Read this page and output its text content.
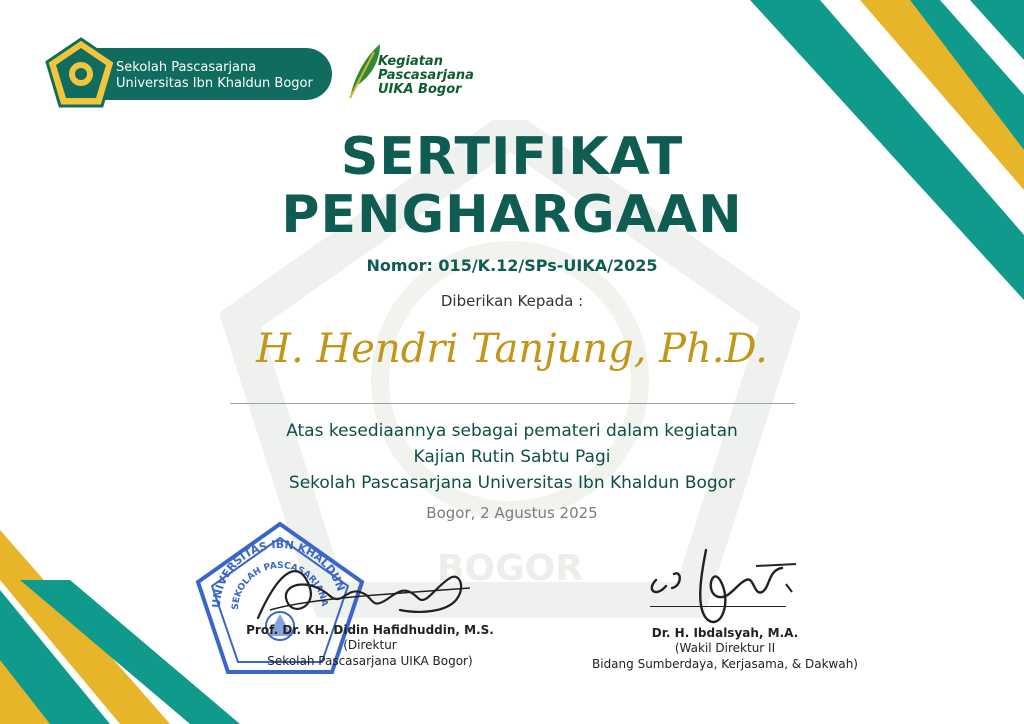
BOGOR
Sekolah Pascasarjana
Universitas Ibn Khaldun Bogor
Kegiatan
Pascasarjana
UIKA Bogor
SERTIFIKAT
PENGHARGAAN
Nomor: 015/K.12/SPs-UIKA/2025
Diberikan Kepada :
H. Hendri Tanjung, Ph.D.
Atas kesediaannya sebagai pemateri dalam kegiatan
Kajian Rutin Sabtu Pagi
Sekolah Pascasarjana Universitas Ibn Khaldun Bogor
Bogor, 2 Agustus 2025
UNIVERSITAS IBN KHALDUN
SEKOLAH PASCASARJANA
Prof. Dr. KH. Didin Hafidhuddin, M.S.
(Direktur
Sekolah Pascasarjana UIKA Bogor)
Dr. H. Ibdalsyah, M.A.
(Wakil Direktur II
Bidang Sumberdaya, Kerjasama, & Dakwah)
